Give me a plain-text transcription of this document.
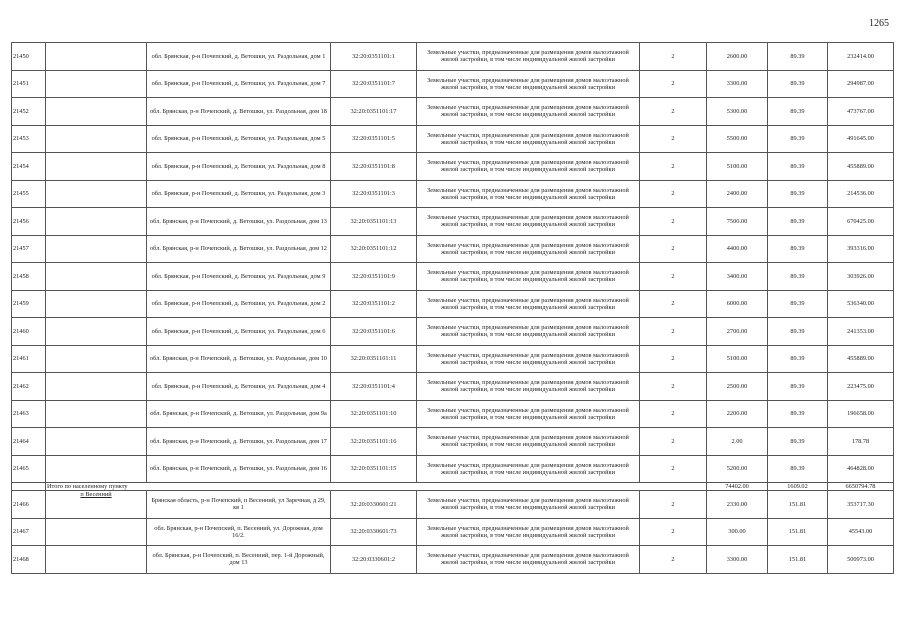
1265
21450		обл. Брянская, р-н Почепский, д. Ветошки, ул. Раздольная, дом 1	32:20:0351101:1	Земельные участки, предназначенные для размещения домов малоэтажной жилой застройки, в том числе индивидуальной жилой застройки	2	2600.00	89.39	232414.00
21451		обл. Брянская, р-н Почепский, д. Ветошки, ул. Раздольная, дом 7	32:20:0351101:7	Земельные участки, предназначенные для размещения домов малоэтажной жилой застройки, в том числе индивидуальной жилой застройки	2	3300.00	89.39	294987.00
21452		обл. Брянская, р-н Почепский, д. Ветошки, ул. Раздольная, дом 18	32:20:0351101:17	Земельные участки, предназначенные для размещения домов малоэтажной жилой застройки, в том числе индивидуальной жилой застройки	2	5300.00	89.39	473767.00
21453		обл. Брянская, р-н Почепский, д. Ветошки, ул. Раздольная, дом 5	32:20:0351101:5	Земельные участки, предназначенные для размещения домов малоэтажной жилой застройки, в том числе индивидуальной жилой застройки	2	5500.00	89.39	491645.00
21454		обл. Брянская, р-н Почепский, д. Ветошки, ул. Раздольная, дом 8	32:20:0351101:8	Земельные участки, предназначенные для размещения домов малоэтажной жилой застройки, в том числе индивидуальной жилой застройки	2	5100.00	89.39	455889.00
21455		обл. Брянская, р-н Почепский, д. Ветошки, ул. Раздольная, дом 3	32:20:0351101:3	Земельные участки, предназначенные для размещения домов малоэтажной жилой застройки, в том числе индивидуальной жилой застройки	2	2400.00	89.39	214536.00
21456		обл. Брянская, р-н Почепский, д. Ветошки, ул. Раздольная, дом 13	32:20:0351101:13	Земельные участки, предназначенные для размещения домов малоэтажной жилой застройки, в том числе индивидуальной жилой застройки	2	7500.00	89.39	670425.00
21457		обл. Брянская, р-н Почепский, д. Ветошки, ул. Раздольная, дом 12	32:20:0351101:12	Земельные участки, предназначенные для размещения домов малоэтажной жилой застройки, в том числе индивидуальной жилой застройки	2	4400.00	89.39	393316.00
21458		обл. Брянская, р-н Почепский, д. Ветошки, ул. Раздольная, дом 9	32:20:0351101:9	Земельные участки, предназначенные для размещения домов малоэтажной жилой застройки, в том числе индивидуальной жилой застройки	2	3400.00	89.39	303926.00
21459		обл. Брянская, р-н Почепский, д. Ветошки, ул. Раздольная, дом 2	32:20:0351101:2	Земельные участки, предназначенные для размещения домов малоэтажной жилой застройки, в том числе индивидуальной жилой застройки	2	6000.00	89.39	536340.00
21460		обл. Брянская, р-н Почепский, д. Ветошки, ул. Раздольная, дом 6	32:20:0351101:6	Земельные участки, предназначенные для размещения домов малоэтажной жилой застройки, в том числе индивидуальной жилой застройки	2	2700.00	89.39	241353.00
21461		обл. Брянская, р-н Почепский, д. Ветошки, ул. Раздольная, дом 10	32:20:0351101:11	Земельные участки, предназначенные для размещения домов малоэтажной жилой застройки, в том числе индивидуальной жилой застройки	2	5100.00	89.39	455889.00
21462		обл. Брянская, р-н Почепский, д. Ветошки, ул. Раздольная, дом 4	32:20:0351101:4	Земельные участки, предназначенные для размещения домов малоэтажной жилой застройки, в том числе индивидуальной жилой застройки	2	2500.00	89.39	223475.00
21463		обл. Брянская, р-н Почепский, д. Ветошки, ул. Раздольная, дом 9а	32:20:0351101:10	Земельные участки, предназначенные для размещения домов малоэтажной жилой застройки, в том числе индивидуальной жилой застройки	2	2200.00	89.39	196658.00
21464		обл. Брянская, р-н Почепский, д. Ветошки, ул. Раздольная, дом 17	32:20:0351101:16	Земельные участки, предназначенные для размещения домов малоэтажной жилой застройки, в том числе индивидуальной жилой застройки	2	2.00	89.39	178.78
21465		обл. Брянская, р-н Почепский, д. Ветошки, ул. Раздольная, дом 16	32:20:0351101:15	Земельные участки, предназначенные для размещения домов малоэтажной жилой застройки, в том числе индивидуальной жилой застройки	2	5200.00	89.39	464828.00
	Итого по населенному пункту					74402.00	1609.02	6650794.78
21466	п Весенний	Брянская область, р-н Почепский, п Весенний, ул Заречная, д 29, кв 1	32:20:0330601:21	Земельные участки, предназначенные для размещения домов малоэтажной жилой застройки, в том числе индивидуальной жилой застройки	2	2330.00	151.81	353717.30
21467		обл. Брянская, р-н Почепский, п. Весенний, ул. Дорожная, дом 16/2.	32:20:0330601:73	Земельные участки, предназначенные для размещения домов малоэтажной жилой застройки, в том числе индивидуальной жилой застройки	2	300.00	151.81	45543.00
21468		обл. Брянская, р-н Почепский, п. Весенний, пер. 1-й Дорожный, дом 13	32:20:0330601:2	Земельные участки, предназначенные для размещения домов малоэтажной жилой застройки, в том числе индивидуальной жилой застройки	2	3300.00	151.81	500973.00
